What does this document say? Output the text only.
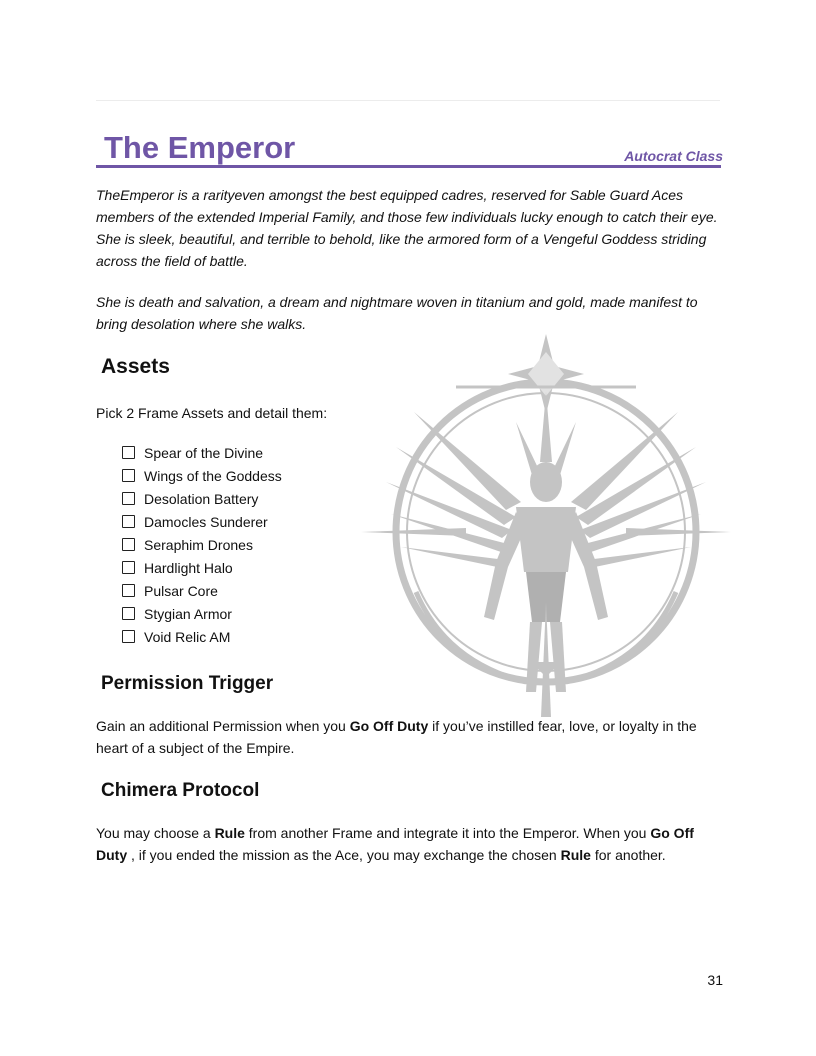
The Emperor	Autocrat Class

TheEmperor is a rarityeven amongst the best equipped cadres, reserved for Sable Guard Aces members of the extended Imperial Family, and those few individuals lucky enough to catch their eye. She is sleek, beautiful, and terrible to behold, like the armored form of a Vengeful Goddess striding across the field of battle.

She is death and salvation, a dream and nightmare woven in titanium and gold, made manifest to bring desolation where she walks.

Assets

Pick 2 Frame Assets and detail them:

Spear of the Divine
Wings of the Goddess
Desolation Battery
Damocles Sunderer
Seraphim Drones
Hardlight Halo
Pulsar Core
Stygian Armor
Void Relic AM
Permission Trigger

Gain an additional Permission when you Go Off Duty if you’ve instilled fear, love, or loyalty in the heart of a subject of the Empire.

Chimera Protocol

You may choose a Rule from another Frame and integrate it into the Emperor. When you Go Off Duty , if you ended the mission as the Ace, you may exchange the chosen Rule for another.

31
